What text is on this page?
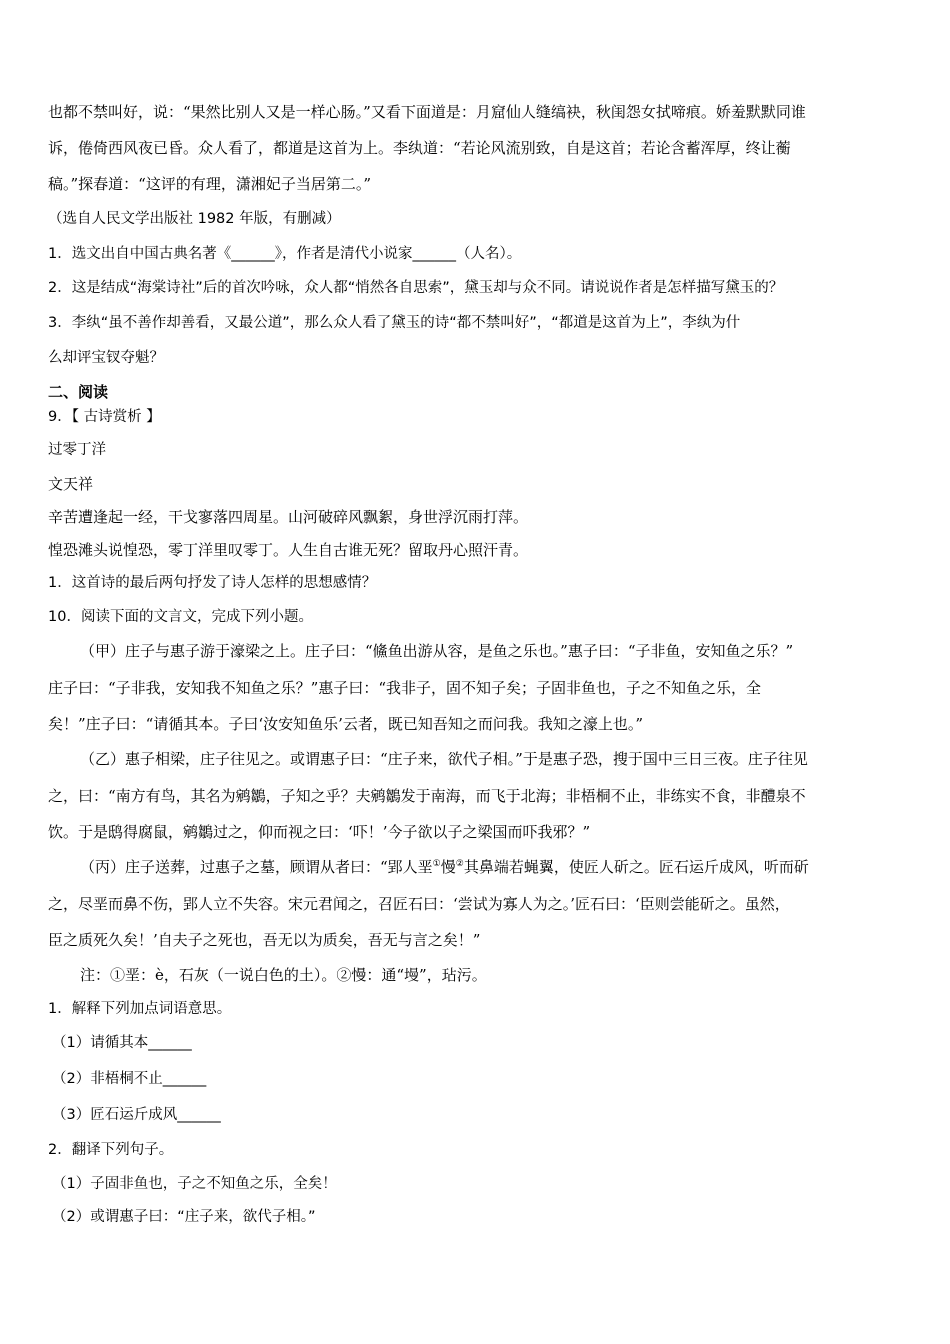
也都不禁叫好，说：“果然比别人又是一样心肠。”又看下面道是：月窟仙人缝缟袂，秋闺怨女拭啼痕。娇羞默默同谁
诉，倦倚西风夜已昏。众人看了，都道是这首为上。李纨道：“若论风流别致，自是这首；若论含蓄浑厚，终让蘅
稿。”探春道：“这评的有理，潇湘妃子当居第二。”
（选自人民文学出版社 1982 年版，有删减）
1．选文出自中国古典名著《______》，作者是清代小说家______（人名）。
2．这是结成“海棠诗社”后的首次吟咏，众人都“悄然各自思索”，黛玉却与众不同。请说说作者是怎样描写黛玉的？
3．李纨“虽不善作却善看，又最公道”，那么众人看了黛玉的诗“都不禁叫好”，“都道是这首为上”，李纨为什
么却评宝钗夺魁？
二、阅读
9．【 古诗赏析 】
过零丁洋
文天祥
辛苦遭逢起一经，干戈寥落四周星。山河破碎风飘絮，身世浮沉雨打萍。
惶恐滩头说惶恐，零丁洋里叹零丁。人生自古谁无死？留取丹心照汗青。
1．这首诗的最后两句抒发了诗人怎样的思想感情？
10．阅读下面的文言文，完成下列小题。
（甲）庄子与惠子游于濠梁之上。庄子曰：“鯈鱼出游从容，是鱼之乐也。”惠子曰：“子非鱼，安知鱼之乐？”
庄子曰：“子非我，安知我不知鱼之乐？”惠子曰：“我非子，固不知子矣；子固非鱼也，子之不知鱼之乐，全
矣！”庄子曰：“请循其本。子曰‘汝安知鱼乐’云者，既已知吾知之而问我。我知之濠上也。”
（乙）惠子相梁，庄子往见之。或谓惠子曰：“庄子来，欲代子相。”于是惠子恐，搜于国中三日三夜。庄子往见
之，曰：“南方有鸟，其名为鹓鶵，子知之乎？夫鹓鶵发于南海，而飞于北海；非梧桐不止，非练实不食，非醴泉不
饮。于是鸱得腐鼠，鹓鶵过之，仰而视之曰：‘吓！’今子欲以子之梁国而吓我邪？”
（丙）庄子送葬，过惠子之墓，顾谓从者曰：“郢人垩①慢②其鼻端若蝇翼，使匠人斫之。匠石运斤成风，听而斫
之，尽垩而鼻不伤，郢人立不失容。宋元君闻之，召匠石曰：‘尝试为寡人为之。’匠石曰：‘臣则尝能斫之。虽然，
臣之质死久矣！’自夫子之死也，吾无以为质矣，吾无与言之矣！”
注：①垩：è，石灰（一说白色的土）。②慢：通“墁”，玷污。
1．解释下列加点词语意思。
（1）请循其本______
（2）非梧桐不止______
（3）匠石运斤成风______
2．翻译下列句子。
（1）子固非鱼也，子之不知鱼之乐，全矣！
（2）或谓惠子曰：“庄子来，欲代子相。”
